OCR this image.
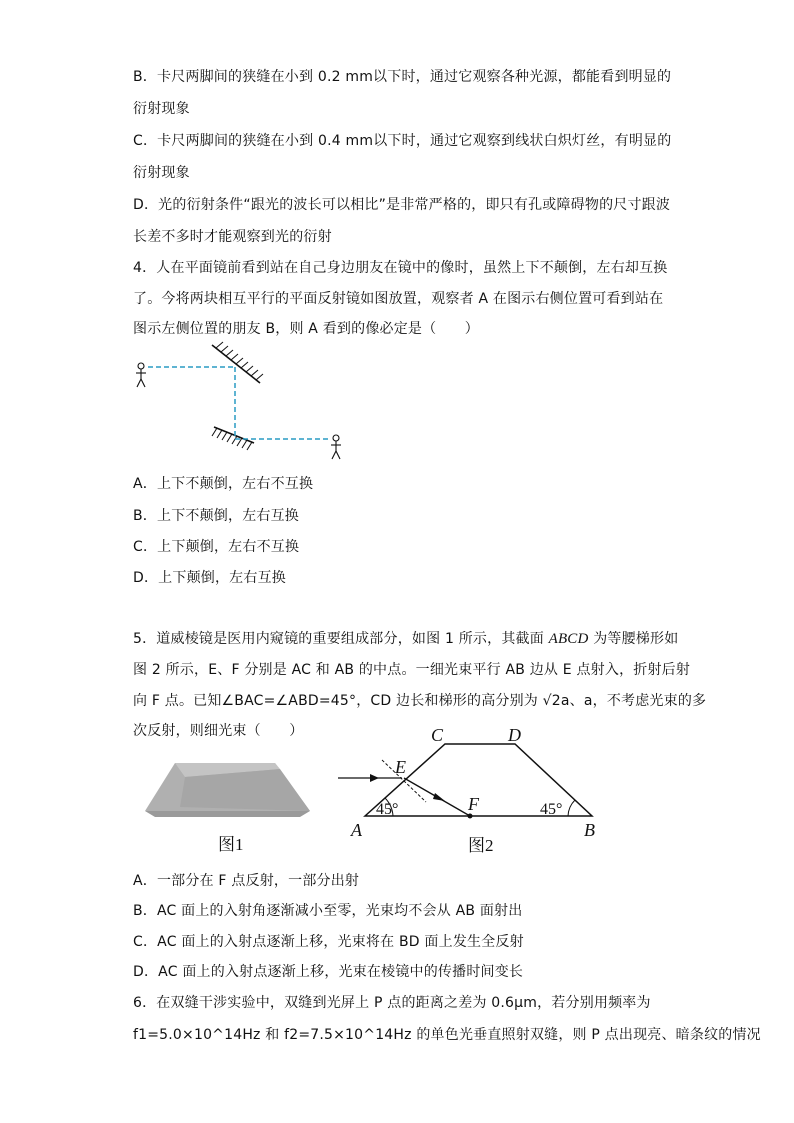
B．卡尺两脚间的狭缝在小到 0.2 mm以下时，通过它观察各种光源，都能看到明显的
衍射现象
C．卡尺两脚间的狭缝在小到 0.4 mm以下时，通过它观察到线状白炽灯丝，有明显的
衍射现象
D．光的衍射条件“跟光的波长可以相比”是非常严格的，即只有孔或障碍物的尺寸跟波
长差不多时才能观察到光的衍射
4．人在平面镜前看到站在自己身边朋友在镜中的像时，虽然上下不颠倒，左右却互换
了。今将两块相互平行的平面反射镜如图放置，观察者 A 在图示右侧位置可看到站在
图示左侧位置的朋友 B，则 A 看到的像必定是（　　）
A．上下不颠倒，左右不互换
B．上下不颠倒，左右互换
C．上下颠倒，左右不互换
D．上下颠倒，左右互换
5．道威棱镜是医用内窥镜的重要组成部分，如图 1 所示，其截面 ABCD 为等腰梯形如
图 2 所示，E、F 分别是 AC 和 AB 的中点。一细光束平行 AB 边从 E 点射入，折射后射
向 F 点。已知∠BAC=∠ABD=45°，CD 边长和梯形的高分别为 √2a、a，不考虑光束的多
次反射，则细光束（　　）
图1
45°	45°
C	D
E
F
A	B
图2
A．一部分在 F 点反射，一部分出射
B．AC 面上的入射角逐渐减小至零，光束均不会从 AB 面射出
C．AC 面上的入射点逐渐上移，光束将在 BD 面上发生全反射
D．AC 面上的入射点逐渐上移，光束在棱镜中的传播时间变长
6．在双缝干涉实验中，双缝到光屏上 P 点的距离之差为 0.6μm，若分别用频率为
f1=5.0×10^14Hz 和 f2=7.5×10^14Hz 的单色光垂直照射双缝，则 P 点出现亮、暗条纹的情况
